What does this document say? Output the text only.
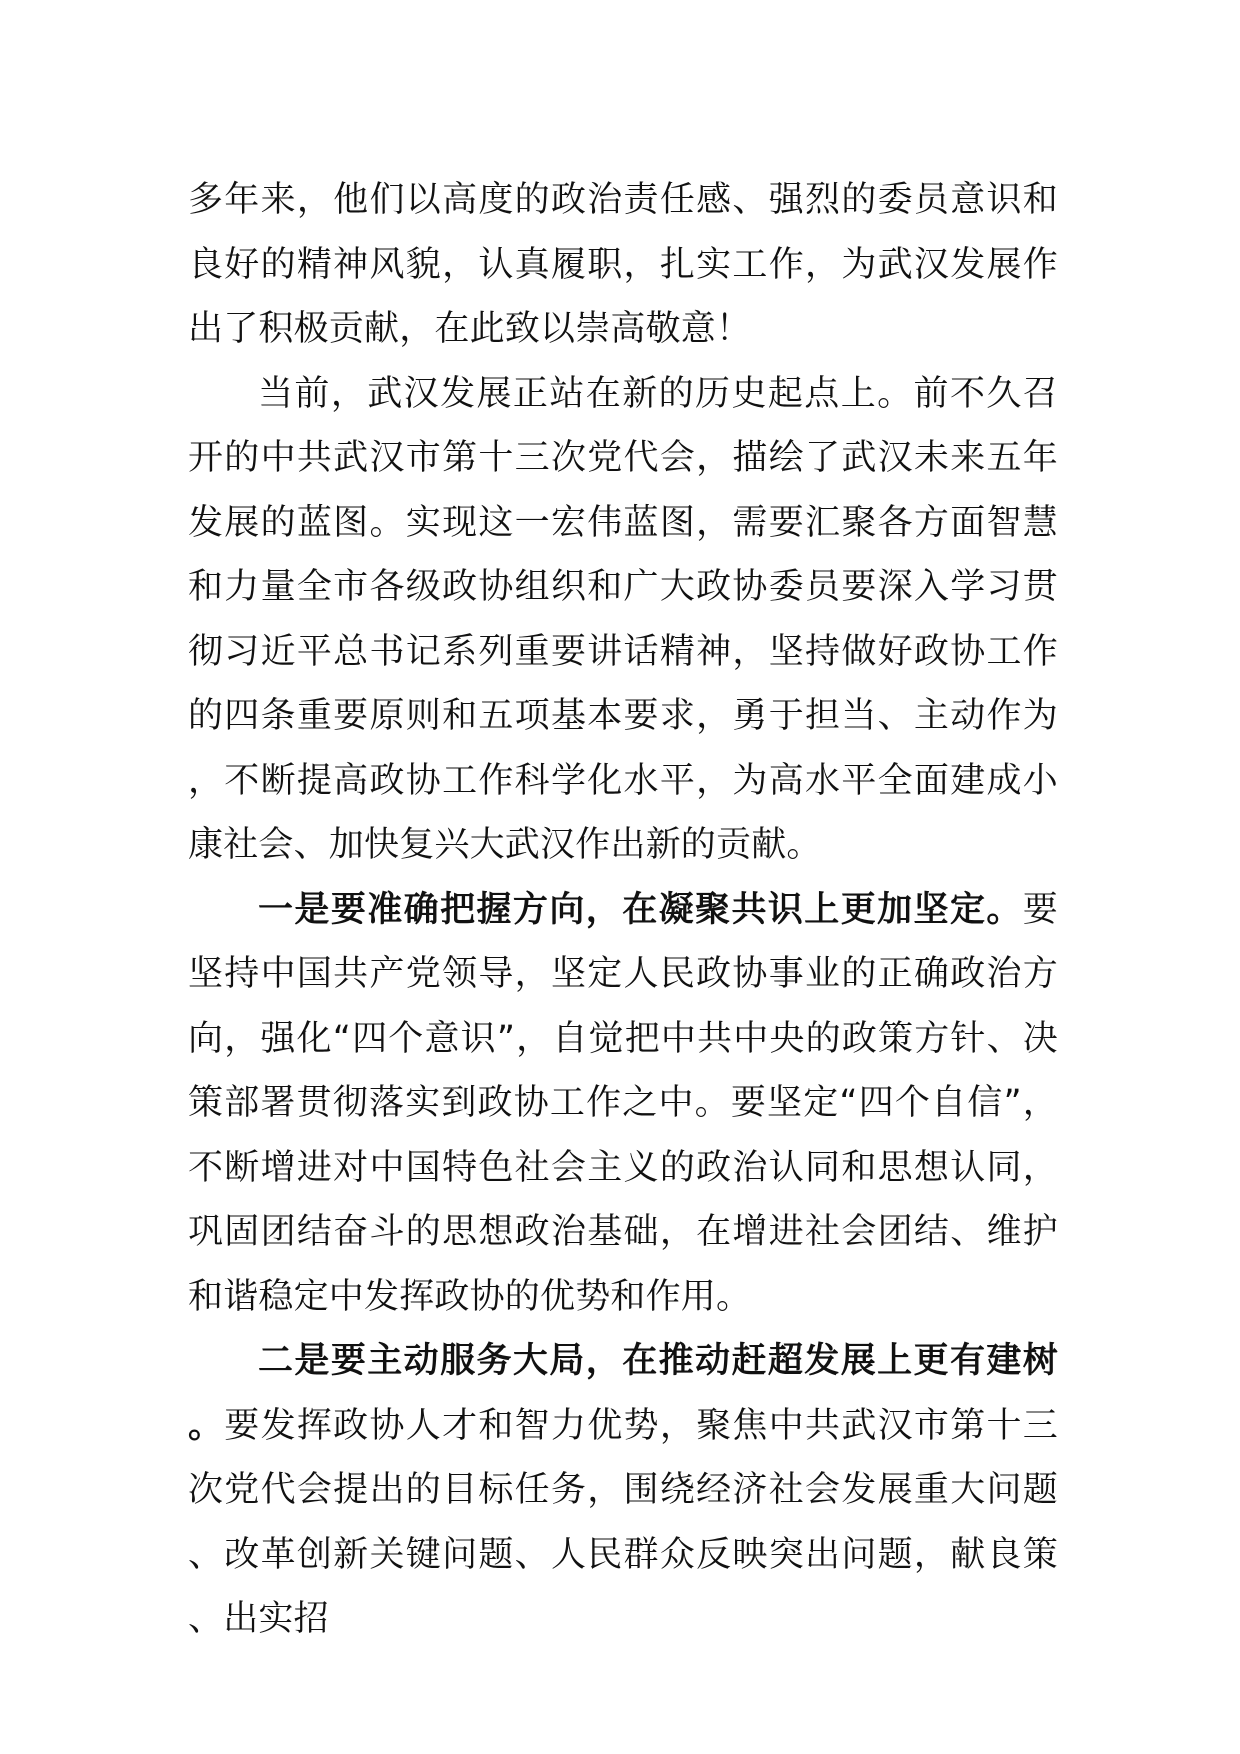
多年来，他们以高度的政治责任感、强烈的委员意识和良好的精神风貌，认真履职，扎实工作，为武汉发展作出了积极贡献，在此致以崇高敬意！

当前，武汉发展正站在新的历史起点上。前不久召开的中共武汉市第十三次党代会，描绘了武汉未来五年发展的蓝图。实现这一宏伟蓝图，需要汇聚各方面智慧和力量全市各级政协组织和广大政协委员要深入学习贯彻习近平总书记系列重要讲话精神，坚持做好政协工作的四条重要原则和五项基本要求，勇于担当、主动作为，不断提高政协工作科学化水平，为高水平全面建成小康社会、加快复兴大武汉作出新的贡献。

一是要准确把握方向，在凝聚共识上更加坚定。要坚持中国共产党领导，坚定人民政协事业的正确政治方向，强化“四个意识”，自觉把中共中央的政策方针、决策部署贯彻落实到政协工作之中。要坚定“四个自信”，不断增进对中国特色社会主义的政治认同和思想认同，巩固团结奋斗的思想政治基础，在增进社会团结、维护和谐稳定中发挥政协的优势和作用。

二是要主动服务大局，在推动赶超发展上更有建树。要发挥政协人才和智力优势，聚焦中共武汉市第十三次党代会提出的目标任务，围绕经济社会发展重大问题、改革创新关键问题、人民群众反映突出问题，献良策、出实招
